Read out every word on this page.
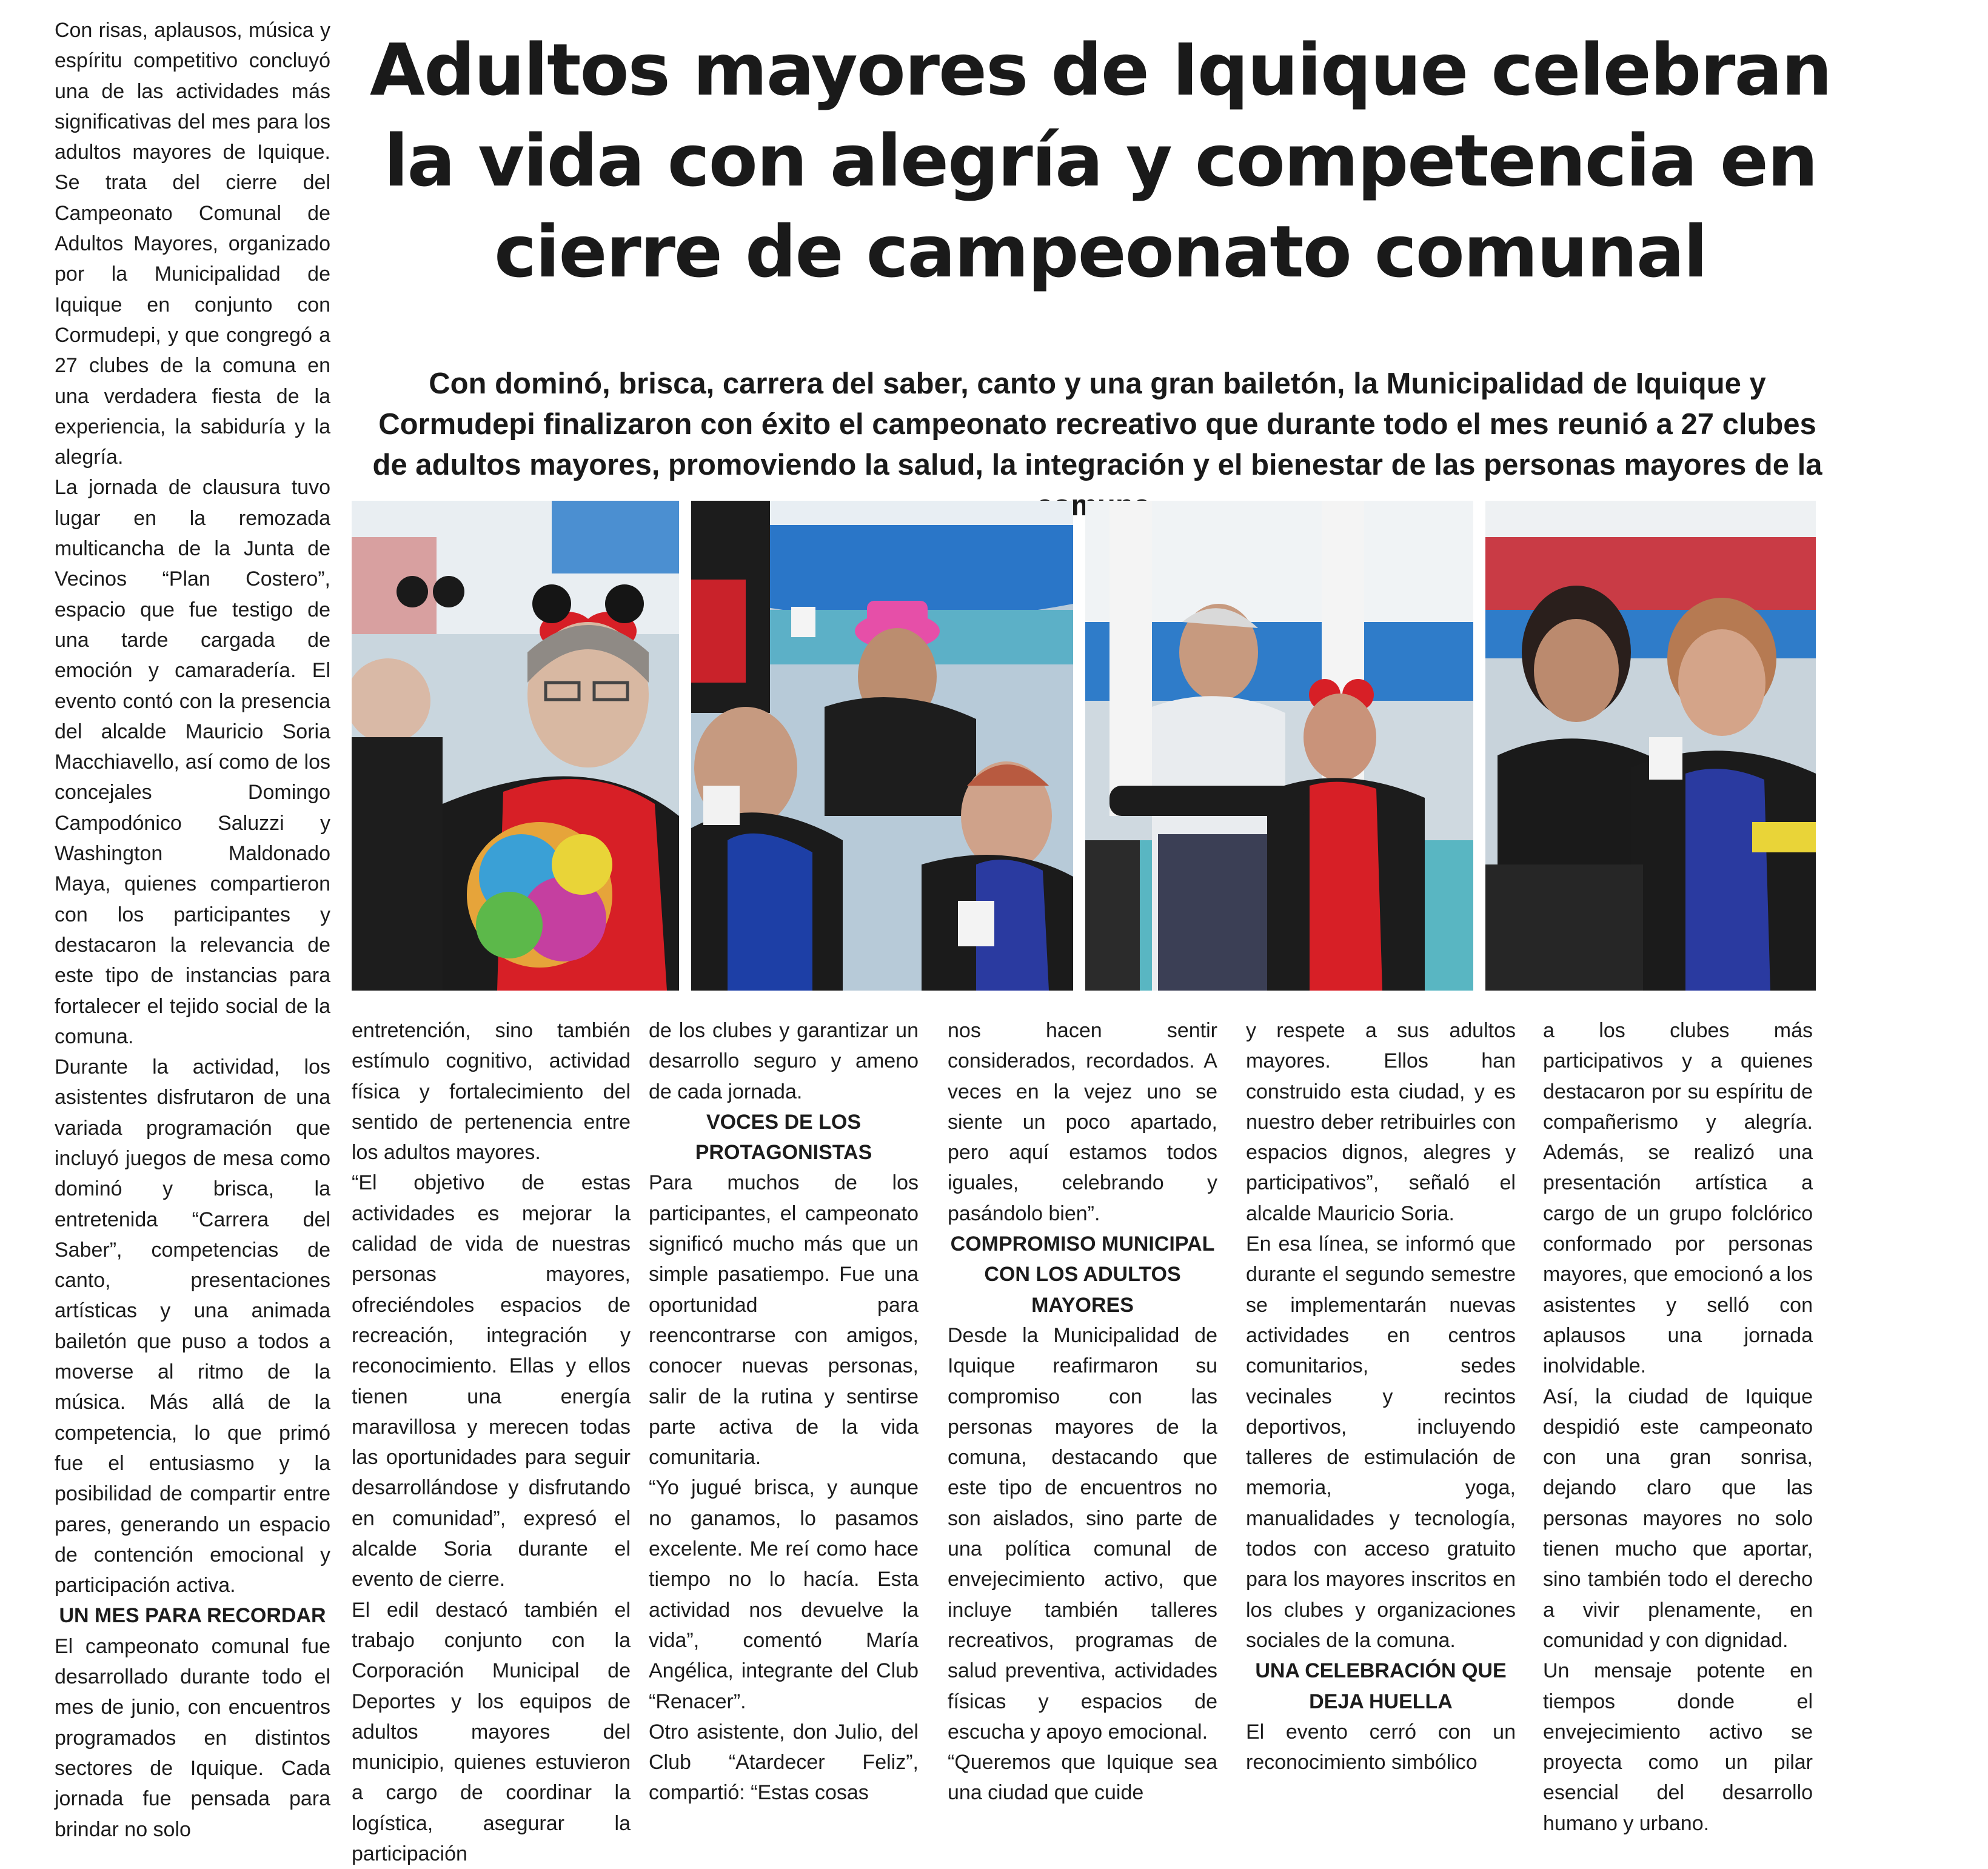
Con risas, aplausos, música y espíritu competitivo concluyó una de las actividades más significativas del mes para los adultos mayores de Iquique. Se trata del cierre del Campeonato Comunal de Adultos Mayores, organizado por la Municipalidad de Iquique en conjunto con Cormudepi, y que congregó a 27 clubes de la comuna en una verdadera fiesta de la experiencia, la sabiduría y la alegría.

La jornada de clausura tuvo lugar en la remozada multicancha de la Junta de Vecinos “Plan Costero”, espacio que fue testigo de una tarde cargada de emoción y camaradería. El evento contó con la presencia del alcalde Mauricio Soria Macchiavello, así como de los concejales Domingo Campodónico Saluzzi y Washington Maldonado Maya, quienes compartieron con los participantes y destacaron la relevancia de este tipo de instancias para fortalecer el tejido social de la comuna.

Durante la actividad, los asistentes disfrutaron de una variada programación que incluyó juegos de mesa como dominó y brisca, la entretenida “Carrera del Saber”, competencias de canto, presentaciones artísticas y una animada bailetón que puso a todos a moverse al ritmo de la música. Más allá de la competencia, lo que primó fue el entusiasmo y la posibilidad de compartir entre pares, generando un espacio de contención emocional y participación activa.

UN MES PARA RECORDAR

El campeonato comunal fue desarrollado durante todo el mes de junio, con encuentros programados en distintos sectores de Iquique. Cada jornada fue pensada para brindar no solo

Adultos mayores de Iquique celebran la vida con alegría y competencia en cierre de campeonato comunal

Con dominó, brisca, carrera del saber, canto y una gran bailetón, la Municipalidad de Iquique y Cormudepi finalizaron con éxito el campeonato recreativo que durante todo el mes reunió a 27 clubes de adultos mayores, promoviendo la salud, la integración y el bienestar de las personas mayores de la

entretención, sino también estímulo cognitivo, actividad física y fortalecimiento del sentido de pertenencia entre los adultos mayores.

“El objetivo de estas actividades es mejorar la calidad de vida de nuestras personas mayores, ofreciéndoles espacios de recreación, integración y reconocimiento. Ellas y ellos tienen una energía maravillosa y merecen todas las oportunidades para seguir desarrollándose y disfrutando en comunidad”, expresó el alcalde Soria durante el evento de cierre.

El edil destacó también el trabajo conjunto con la Corporación Municipal de Deportes y los equipos de adultos mayores del municipio, quienes estuvieron a cargo de coordinar la logística, asegurar la participación

de los clubes y garantizar un desarrollo seguro y ameno de cada jornada.

VOCES DE LOS PROTAGONISTAS

Para muchos de los participantes, el campeonato significó mucho más que un simple pasatiempo. Fue una oportunidad para reencontrarse con amigos, conocer nuevas personas, salir de la rutina y sentirse parte activa de la vida comunitaria.

“Yo jugué brisca, y aunque no ganamos, lo pasamos excelente. Me reí como hace tiempo no lo hacía. Esta actividad nos devuelve la vida”, comentó María Angélica, integrante del Club “Renacer”.

Otro asistente, don Julio, del Club “Atardecer Feliz”, compartió: “Estas cosas

nos hacen sentir considerados, recordados. A veces en la vejez uno se siente un poco apartado, pero aquí estamos todos iguales, celebrando y pasándolo bien”.

COMPROMISO MUNICIPAL CON LOS ADULTOS MAYORES

Desde la Municipalidad de Iquique reafirmaron su compromiso con las personas mayores de la comuna, destacando que este tipo de encuentros no son aislados, sino parte de una política comunal de envejecimiento activo, que incluye también talleres recreativos, programas de salud preventiva, actividades físicas y espacios de escucha y apoyo emocional.

“Queremos que Iquique sea una ciudad que cuide

y respete a sus adultos mayores. Ellos han construido esta ciudad, y es nuestro deber retribuirles con espacios dignos, alegres y participativos”, señaló el alcalde Mauricio Soria.

En esa línea, se informó que durante el segundo semestre se implementarán nuevas actividades en centros comunitarios, sedes vecinales y recintos deportivos, incluyendo talleres de estimulación de memoria, yoga, manualidades y tecnología, todos con acceso gratuito para los mayores inscritos en los clubes y organizaciones sociales de la comuna.

UNA CELEBRACIÓN QUE DEJA HUELLA

El evento cerró con un reconocimiento simbólico

a los clubes más participativos y a quienes destacaron por su espíritu de compañerismo y alegría. Además, se realizó una presentación artística a cargo de un grupo folclórico conformado por personas mayores, que emocionó a los asistentes y selló con aplausos una jornada inolvidable.

Así, la ciudad de Iquique despidió este campeonato con una gran sonrisa, dejando claro que las personas mayores no solo tienen mucho que aportar, sino también todo el derecho a vivir plenamente, en comunidad y con dignidad.

Un mensaje potente en tiempos donde el envejecimiento activo se proyecta como un pilar esencial del desarrollo humano y urbano.
